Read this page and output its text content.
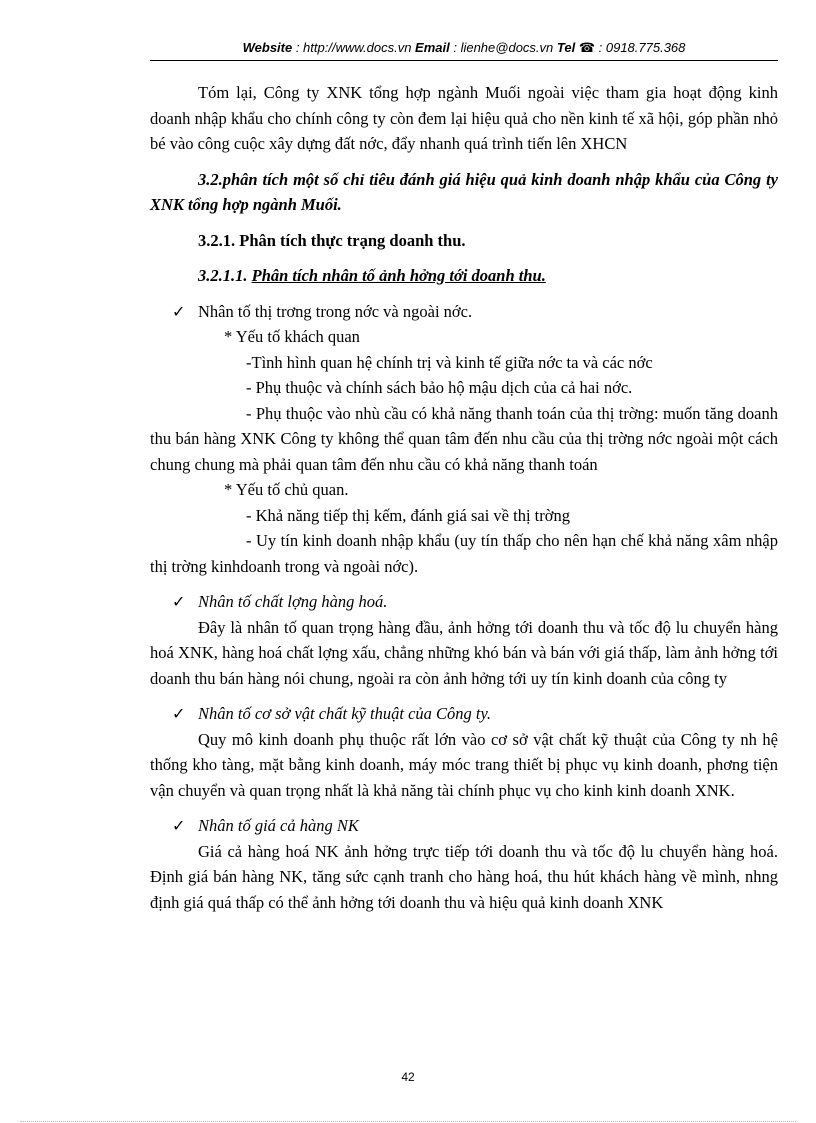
Website : http://www.docs.vn Email : lienhe@docs.vn Tel ☎ : 0918.775.368

Tóm lại, Công ty XNK tổng hợp ngành Muối ngoài việc tham gia hoạt động kinh doanh nhập khẩu cho chính công ty còn đem lại hiệu quả cho nền kinh tế xã hội, góp phần nhỏ bé vào công cuộc xây dựng đất nớc, đẩy nhanh quá trình tiến lên XHCN

3.2.phân tích một số chỉ tiêu đánh giá hiệu quả kinh doanh nhập khẩu của Công ty XNK tổng hợp ngành Muối.

3.2.1. Phân tích thực trạng doanh thu.

3.2.1.1. Phân tích nhân tố ảnh hởng tới doanh thu.

✓ Nhân tố thị trơng trong nớc và ngoài nớc.

* Yếu tố khách quan

-Tình hình quan hệ chính trị và kinh tế giữa nớc ta và các nớc

- Phụ thuộc và chính sách bảo hộ mậu dịch của cả hai nớc.

- Phụ thuộc vào nhù cầu có khả năng thanh toán của thị trờng: muốn tăng doanh thu bán hàng XNK Công ty không thể quan tâm đến nhu cầu của thị trờng nớc ngoài một cách chung chung mà phải quan tâm đến nhu cầu có khả năng thanh toán

* Yếu tố chủ quan.

- Khả năng tiếp thị kếm, đánh giá sai về thị trờng

- Uy tín kinh doanh nhập khẩu (uy tín thấp cho nên hạn chế khả năng xâm nhập thị trờng kinhdoanh trong và ngoài nớc).

✓ Nhân tố chất lợng hàng hoá.

Đây là nhân tố quan trọng hàng đầu, ảnh hởng tới doanh thu và tốc độ lu chuyển hàng hoá XNK, hàng hoá chất lợng xấu, chẳng những khó bán và bán với giá thấp, làm ảnh hởng tới doanh thu bán hàng nói chung, ngoài ra còn ảnh hởng tới uy tín kinh doanh của công ty

✓ Nhân tố cơ sở vật chất kỹ thuật của Công ty.

Quy mô kinh doanh phụ thuộc rất lớn vào cơ sở vật chất kỹ thuật của Công ty nh hệ thống kho tàng, mặt bằng kinh doanh, máy móc trang thiết bị phục vụ kinh doanh, phơng tiện vận chuyển và quan trọng nhất là khả năng tài chính phục vụ cho kinh kinh doanh XNK.

✓ Nhân tố giá cả hàng NK

Giá cả hàng hoá NK ảnh hởng trực tiếp tới doanh thu và tốc độ lu chuyển hàng hoá. Định giá bán hàng NK, tăng sức cạnh tranh cho hàng hoá, thu hút khách hàng về mình, nhng định giá quá thấp có thể ảnh hởng tới doanh thu và hiệu quả kinh doanh XNK

42
